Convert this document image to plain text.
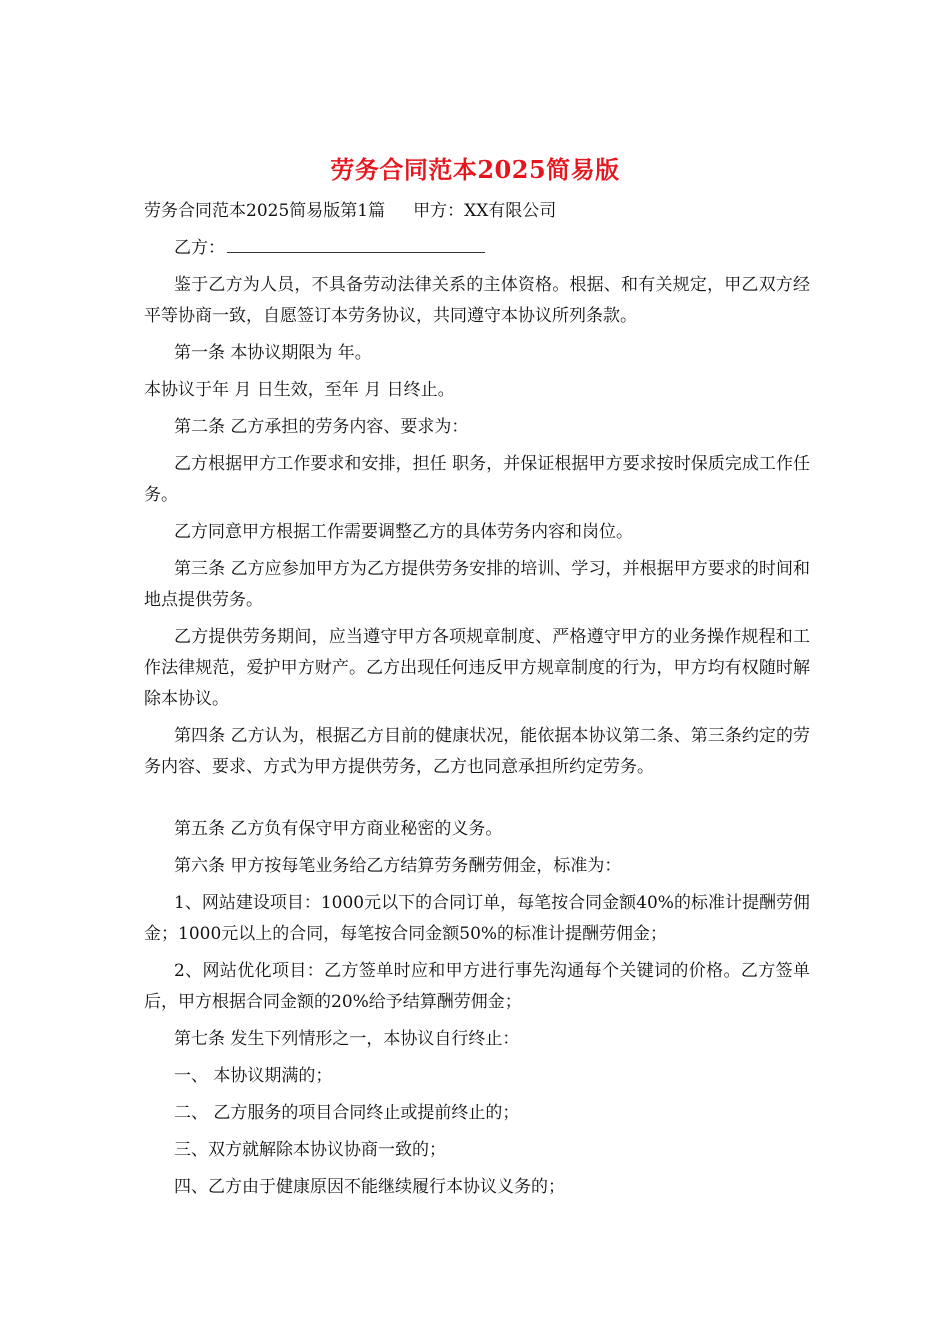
劳务合同范本2025简易版
劳务合同范本2025简易版第1篇 甲方：XX有限公司
乙方：

鉴于乙方为人员，不具备劳动法律关系的主体资格。根据、和有关规定，甲乙双方经平等协商一致，自愿签订本劳务协议，共同遵守本协议所列条款。

第一条 本协议期限为 年。

本协议于年 月 日生效，至年 月 日终止。

第二条 乙方承担的劳务内容、要求为：

乙方根据甲方工作要求和安排，担任 职务，并保证根据甲方要求按时保质完成工作任务。

乙方同意甲方根据工作需要调整乙方的具体劳务内容和岗位。

第三条 乙方应参加甲方为乙方提供劳务安排的培训、学习，并根据甲方要求的时间和地点提供劳务。

乙方提供劳务期间，应当遵守甲方各项规章制度、严格遵守甲方的业务操作规程和工作法律规范，爱护甲方财产。乙方出现任何违反甲方规章制度的行为，甲方均有权随时解除本协议。

第四条 乙方认为，根据乙方目前的健康状况，能依据本协议第二条、第三条约定的劳务内容、要求、方式为甲方提供劳务，乙方也同意承担所约定劳务。

第五条 乙方负有保守甲方商业秘密的义务。

第六条 甲方按每笔业务给乙方结算劳务酬劳佣金，标准为：

1、网站建设项目：1000元以下的合同订单，每笔按合同金额40%的标准计提酬劳佣金；1000元以上的合同，每笔按合同金额50%的标准计提酬劳佣金；

2、网站优化项目：乙方签单时应和甲方进行事先沟通每个关键词的价格。乙方签单后，甲方根据合同金额的20%给予结算酬劳佣金；

第七条 发生下列情形之一，本协议自行终止：

一、 本协议期满的；

二、 乙方服务的项目合同终止或提前终止的；

三、双方就解除本协议协商一致的；

四、乙方由于健康原因不能继续履行本协议义务的；
